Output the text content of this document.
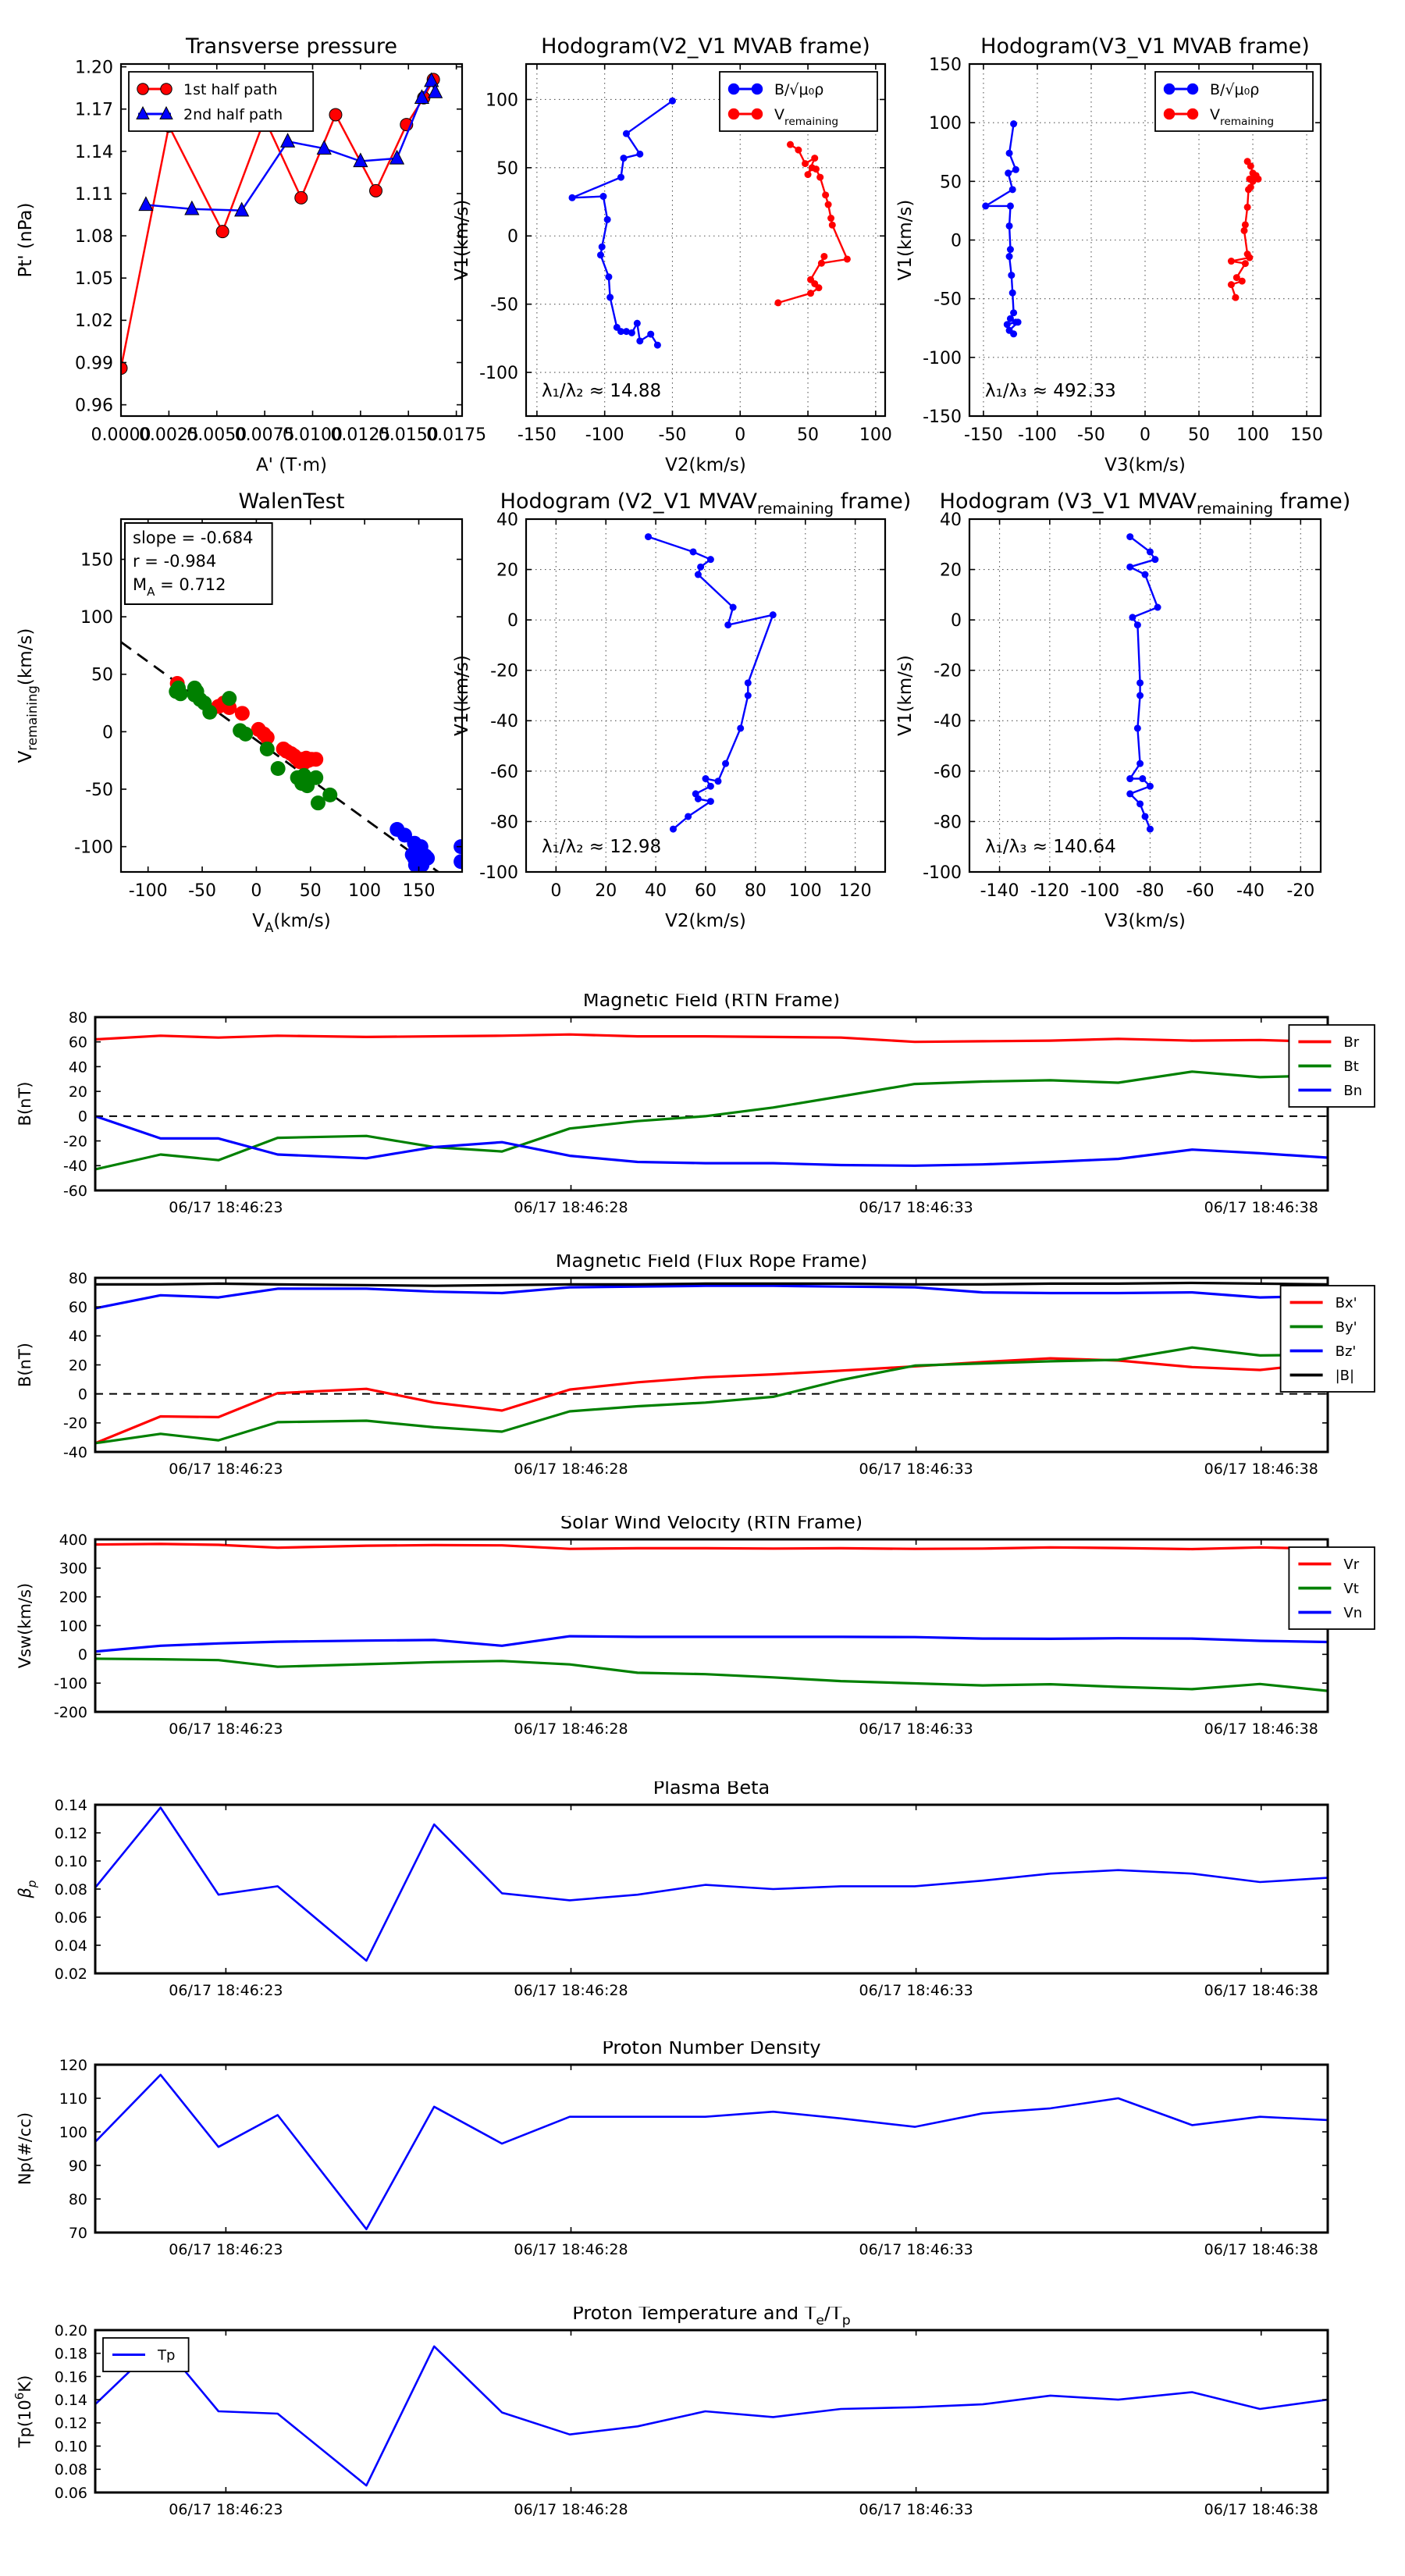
0.0000
0.0025
0.0050
0.0075
0.0100
0.0125
0.0150
0.0175
0.96
0.99
1.02
1.05
1.08
1.11
1.14
1.17
1.20
Transverse pressure
A' (T·m)
Pt' (nPa)
1st half path
2nd half path
-150 -100 -50	0	50 100
-100
-50
0
50
100
Hodogram(V2_V1 MVAB frame)
V2(km/s)
V1(km/s)
λ₁/λ₂ ≈ 14.88
B/√μ₀ρ
$V_{remaining}$
-150 -100 -50 0 50 100 150
-150
-100
-50
0
50
100
150
Hodogram(V3_V1 MVAB frame)
V3(km/s)
V1(km/s)
λ₁/λ₃ ≈ 492.33
B/√μ₀ρ
$V_{remaining}$
-100 -50 0 50 100 150
-100
-50
0
50
100
150
WalenTest
$V_A(km/s)$
$V_{remaining}(km/s)$
slope = -0.684
r = -0.984
$M_A = 0.712$
0 20 40 60 80 100 120
-100
-80
-60
-40
-20
0
20
40
Hodogram (V2_V1 $MVAV_{remaining}$ frame)
V2(km/s)
V1(km/s)
λ₁/λ₂ ≈ 12.98
-140 -120 -100 -80 -60 -40 -20
-100
-80
-60
-40
-20
0
20
40
Hodogram (V3_V1 $MVAV_{remaining}$ frame)
V3(km/s)
V1(km/s)
λ₁/λ₃ ≈ 140.64
06/17 18:46:23	06/17 18:46:28	06/17 18:46:33	06/17 18:46:38
-60
-40
-20
0
20
40
60
80
Magnetic Field (RTN Frame)
B(nT)
Br
Bt
Bn
06/17 18:46:23	06/17 18:46:28	06/17 18:46:33	06/17 18:46:38
-40
-20
0
20
40
60
80
Magnetic Field (Flux Rope Frame)
B(nT)
Bx'
By'
Bz'
|B|
06/17 18:46:23	06/17 18:46:28	06/17 18:46:33	06/17 18:46:38
-200
-100
0
100
200
300
400
Solar Wind Velocity (RTN Frame)
Vsw(km/s)
Vr
Vt
Vn
06/17 18:46:23	06/17 18:46:28	06/17 18:46:33	06/17 18:46:38
0.02
0.04
0.06
0.08
0.10
0.12
0.14
Plasma Beta
$\beta_p$
06/17 18:46:23	06/17 18:46:28	06/17 18:46:33	06/17 18:46:38
70
80
90
100
110
120
Proton Number Density
Np(#/cc)
06/17 18:46:23	06/17 18:46:28	06/17 18:46:33	06/17 18:46:38
0.06
0.08
0.10
0.12
0.14
0.16
0.18
0.20
Proton Temperature and $T_e/T_p$
$Tp(10^6K)$
Tp
